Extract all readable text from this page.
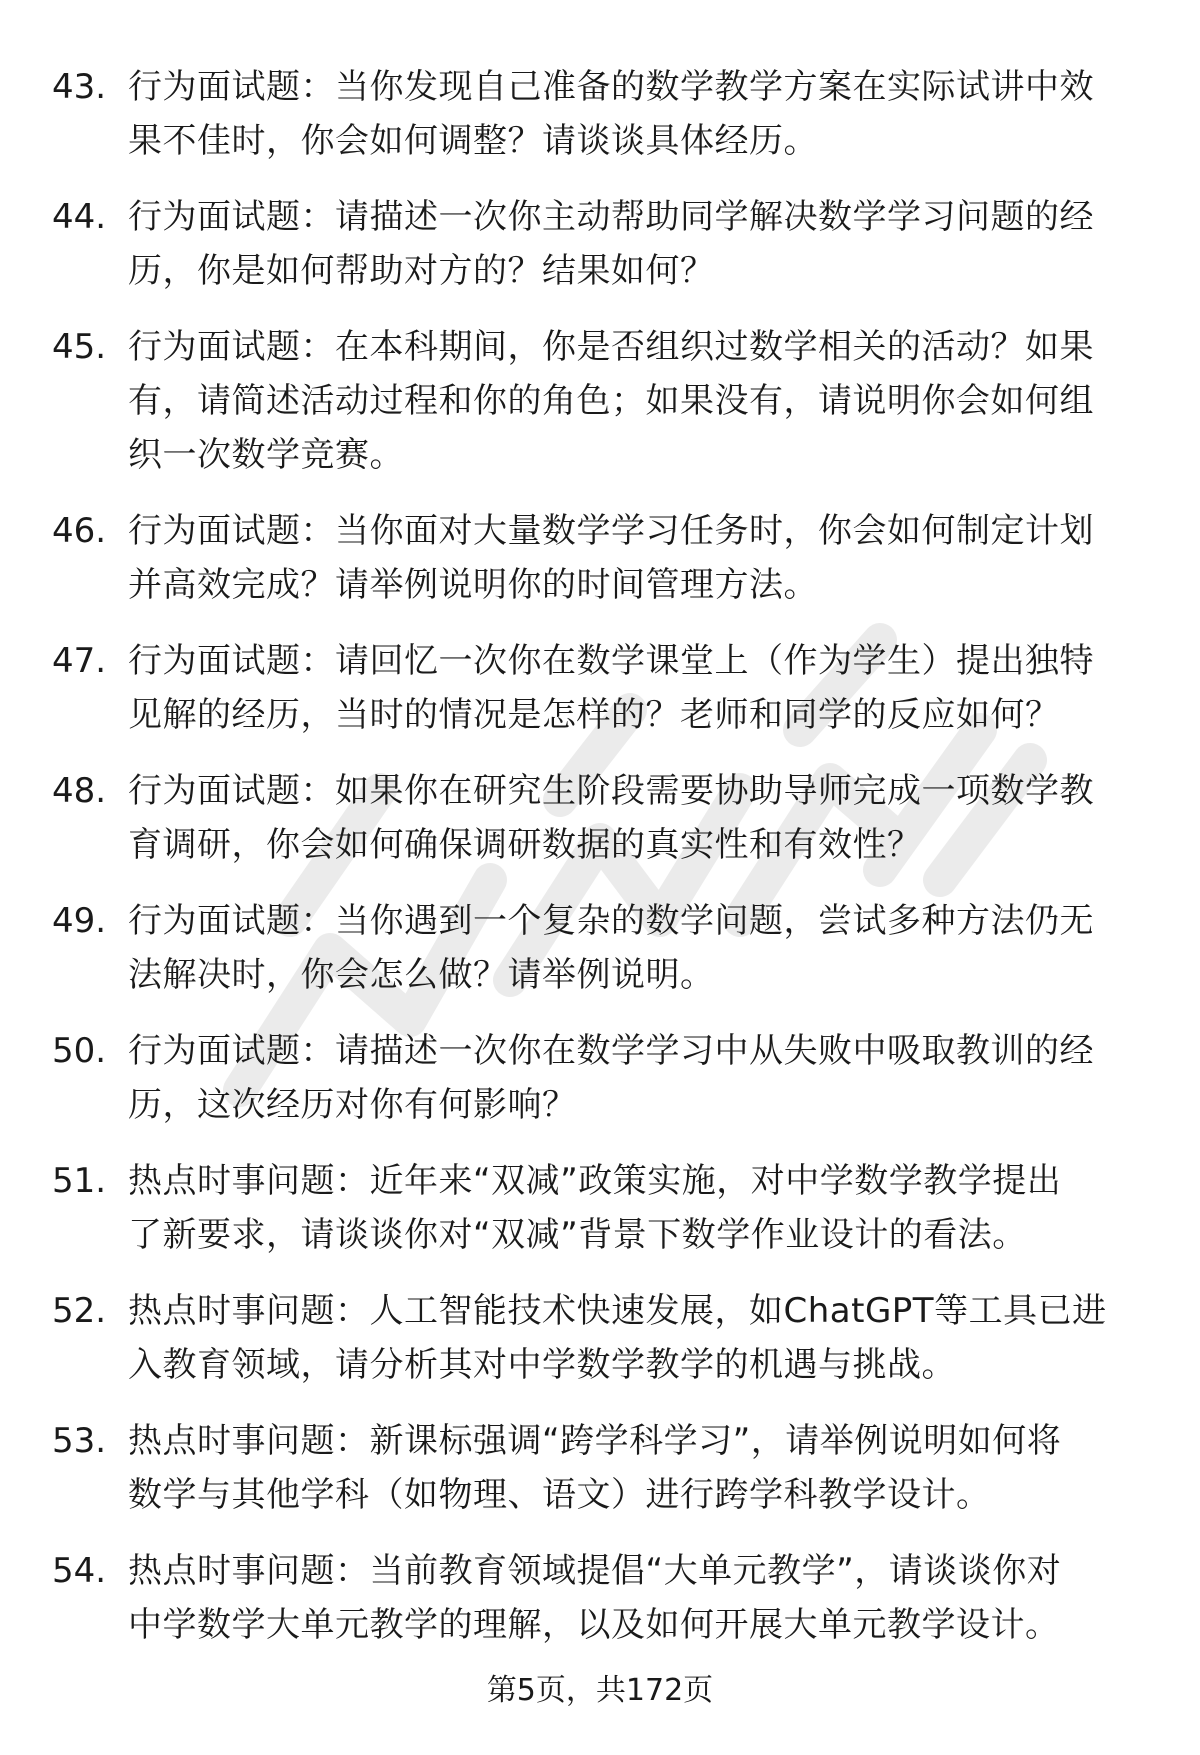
43. 行为面试题：当你发现自己准备的数学教学方案在实际试讲中效
果不佳时，你会如何调整？请谈谈具体经历。
44. 行为面试题：请描述一次你主动帮助同学解决数学学习问题的经
历，你是如何帮助对方的？结果如何？
45. 行为面试题：在本科期间，你是否组织过数学相关的活动？如果
有，请简述活动过程和你的角色；如果没有，请说明你会如何组
织一次数学竞赛。
46. 行为面试题：当你面对大量数学学习任务时，你会如何制定计划
并高效完成？请举例说明你的时间管理方法。
47. 行为面试题：请回忆一次你在数学课堂上（作为学生）提出独特
见解的经历，当时的情况是怎样的？老师和同学的反应如何？
48. 行为面试题：如果你在研究生阶段需要协助导师完成一项数学教
育调研，你会如何确保调研数据的真实性和有效性？
49. 行为面试题：当你遇到一个复杂的数学问题，尝试多种方法仍无
法解决时，你会怎么做？请举例说明。
50. 行为面试题：请描述一次你在数学学习中从失败中吸取教训的经
历，这次经历对你有何影响？
51. 热点时事问题：近年来“双减”政策实施，对中学数学教学提出
了新要求，请谈谈你对“双减”背景下数学作业设计的看法。
52. 热点时事问题：人工智能技术快速发展，如ChatGPT等工具已进
入教育领域，请分析其对中学数学教学的机遇与挑战。
53. 热点时事问题：新课标强调“跨学科学习”，请举例说明如何将
数学与其他学科（如物理、语文）进行跨学科教学设计。
54. 热点时事问题：当前教育领域提倡“大单元教学”，请谈谈你对
中学数学大单元教学的理解，以及如何开展大单元教学设计。
第5页，共172页
